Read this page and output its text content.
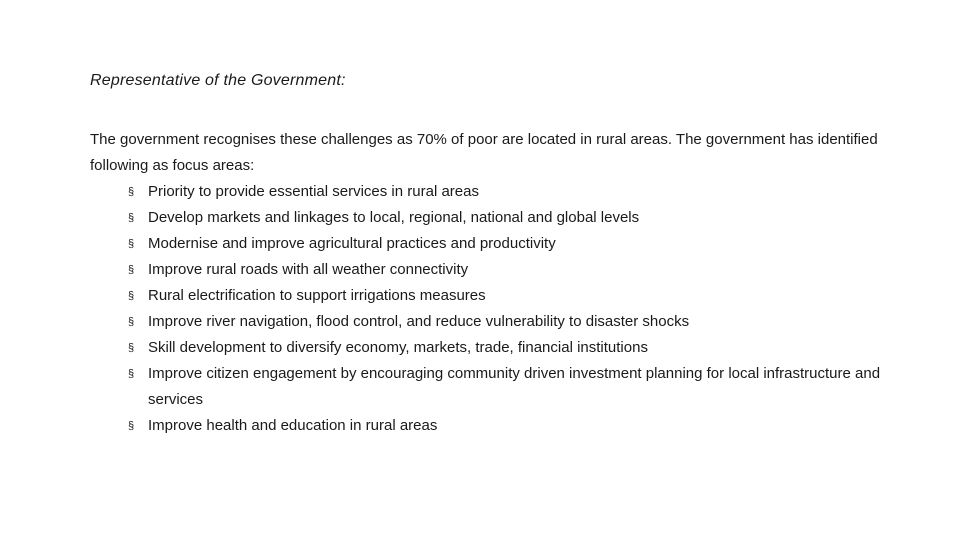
Representative of the Government:

The government recognises these challenges as 70% of poor are located in rural areas. The government has identified following as focus areas:

§ Priority to provide essential services in rural areas
§ Develop markets and linkages to local, regional, national and global levels
§ Modernise and improve agricultural practices and productivity
§ Improve rural roads with all weather connectivity
§ Rural electrification to support irrigations measures
§ Improve river navigation, flood control, and reduce vulnerability to disaster shocks
§ Skill development to diversify economy, markets, trade, financial institutions
§ Improve citizen engagement by encouraging community driven investment planning for local infrastructure and services
§ Improve health and education in rural areas
